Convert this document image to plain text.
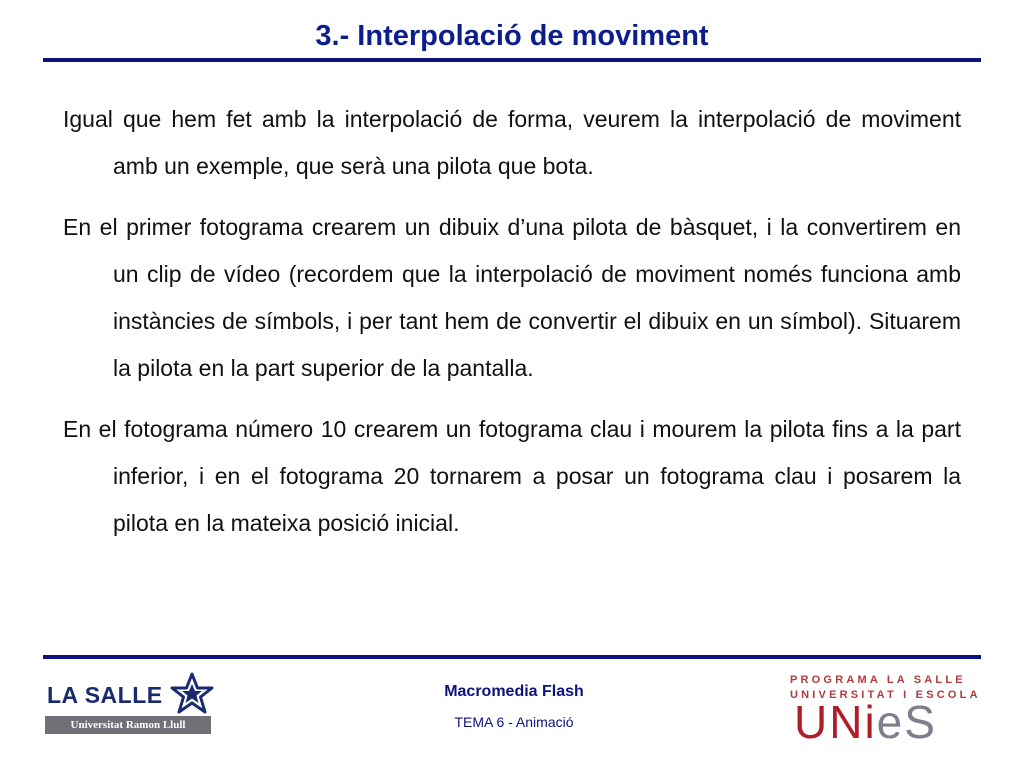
3.- Interpolació de moviment

Igual que hem fet amb la interpolació de forma, veurem la interpolació de moviment amb un exemple, que serà una pilota que bota.

En el primer fotograma crearem un dibuix d’una pilota de bàsquet, i la convertirem en un clip de vídeo (recordem que la interpolació de moviment només funciona amb instàncies de símbols, i per tant hem de convertir el dibuix en un símbol). Situarem la pilota en la part superior de la pantalla.

En el fotograma número 10 crearem un fotograma clau i mourem la pilota fins a la part inferior, i en el fotograma 20 tornarem a posar un fotograma clau i posarem la pilota en la mateixa posició inicial.

LA SALLE
Universitat Ramon Llull
Macromedia Flash
TEMA 6 - Animació
PROGRAMA LA SALLE
UNIVERSITAT I ESCOLA
UNieS
